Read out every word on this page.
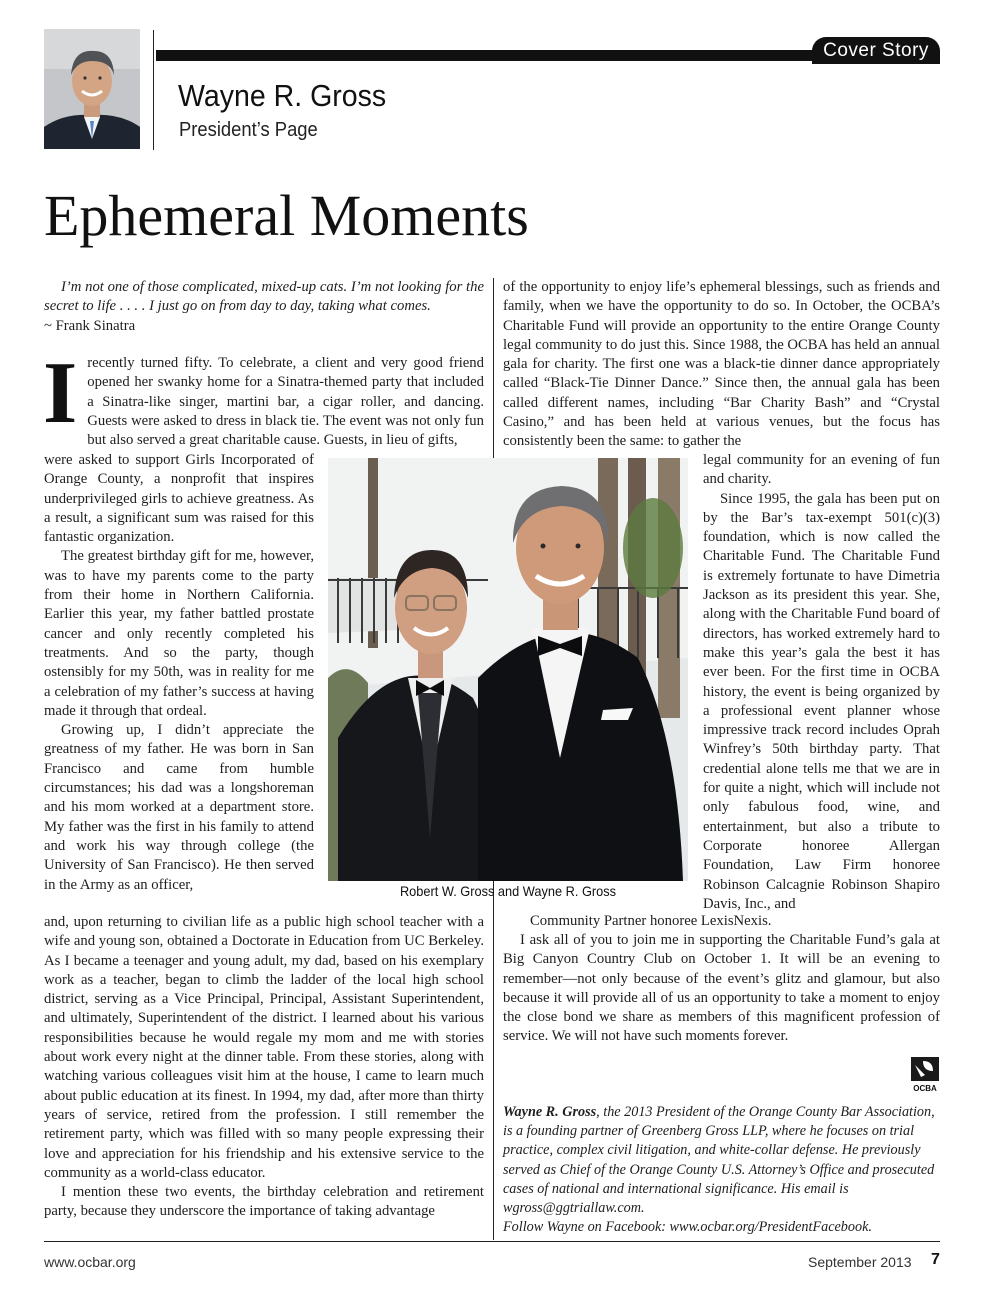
Cover Story
Wayne R. Gross
President’s Page
Ephemeral Moments

I’m not one of those complicated, mixed-up cats. I’m not looking for the secret to life . . . . I just go on from day to day, taking what comes.

~ Frank Sinatra

I recently turned fifty. To celebrate, a client and very good friend opened her swanky home for a Sinatra-themed party that included a Sinatra-like singer, martini bar, a cigar roller, and dancing. Guests were asked to dress in black tie. The event was not only fun but also served a great charitable cause. Guests, in lieu of gifts,

were asked to support Girls Incorporated of Orange County, a nonprofit that inspires underprivileged girls to achieve greatness. As a result, a significant sum was raised for this fantastic organization.

The greatest birthday gift for me, however, was to have my parents come to the party from their home in Northern California. Earlier this year, my father battled prostate cancer and only recently completed his treatments. And so the party, though ostensibly for my 50th, was in reality for me a celebration of my father’s success at having made it through that ordeal.

Growing up, I didn’t appreciate the greatness of my father. He was born in San Francisco and came from humble circumstances; his dad was a longshoreman and his mom worked at a department store. My father was the first in his family to attend and work his way through college (the University of San Francisco). He then served in the Army as an officer,

and, upon returning to civilian life as a public high school teacher with a wife and young son, obtained a Doctorate in Education from UC Berkeley. As I became a teenager and young adult, my dad, based on his exemplary work as a teacher, began to climb the ladder of the local high school district, serving as a Vice Principal, Principal, Assistant Superintendent, and ultimately, Superintendent of the district. I learned about his various responsibilities because he would regale my mom and me with stories about work every night at the dinner table. From these stories, along with watching various colleagues visit him at the house, I came to learn much about public education at its finest. In 1994, my dad, after more than thirty years of service, retired from the profession. I still remember the retirement party, which was filled with so many people expressing their love and appreciation for his friendship and his extensive service to the community as a world-class educator.

I mention these two events, the birthday celebration and retirement party, because they underscore the importance of taking advantage

of the opportunity to enjoy life’s ephemeral blessings, such as friends and family, when we have the opportunity to do so. In October, the OCBA’s Charitable Fund will provide an opportunity to the entire Orange County legal community to do just this. Since 1988, the OCBA has held an annual gala for charity. The first one was a black-tie dinner dance appropriately called “Black-Tie Dinner Dance.” Since then, the annual gala has been called different names, including “Bar Charity Bash” and “Crystal Casino,” and has been held at various venues, but the focus has consistently been the same: to gather the

legal community for an evening of fun and charity.

Since 1995, the gala has been put on by the Bar’s tax-exempt 501(c)(3) foundation, which is now called the Charitable Fund. The Charitable Fund is extremely fortunate to have Dimetria Jackson as its president this year. She, along with the Charitable Fund board of directors, has worked extremely hard to make this year’s gala the best it has ever been. For the first time in OCBA history, the event is being organized by a professional event planner whose impressive track record includes Oprah Winfrey’s 50th birthday party. That credential alone tells me that we are in for quite a night, which will include not only fabulous food, wine, and entertainment, but also a tribute to Corporate honoree Allergan Foundation, Law Firm honoree Robinson Calcagnie Robinson Shapiro Davis, Inc., and

Community Partner honoree LexisNexis.

I ask all of you to join me in supporting the Charitable Fund’s gala at Big Canyon Country Club on October 1. It will be an evening to remember—not only because of the event’s glitz and glamour, but also because it will provide all of us an opportunity to take a moment to enjoy the close bond we share as members of this magnificent profession of service. We will not have such moments forever.

Robert W. Gross and Wayne R. Gross
OCBA

Wayne R. Gross, the 2013 President of the Orange County Bar Association, is a founding partner of Greenberg Gross LLP, where he focuses on trial practice, complex civil litigation, and white-collar defense. He previously served as Chief of the Orange County U.S. Attorney’s Office and prosecuted cases of national and international significance. His email is wgross@ggtriallaw.com.

Follow Wayne on Facebook: www.ocbar.org/PresidentFacebook.

www.ocbar.org	September 2013 7
